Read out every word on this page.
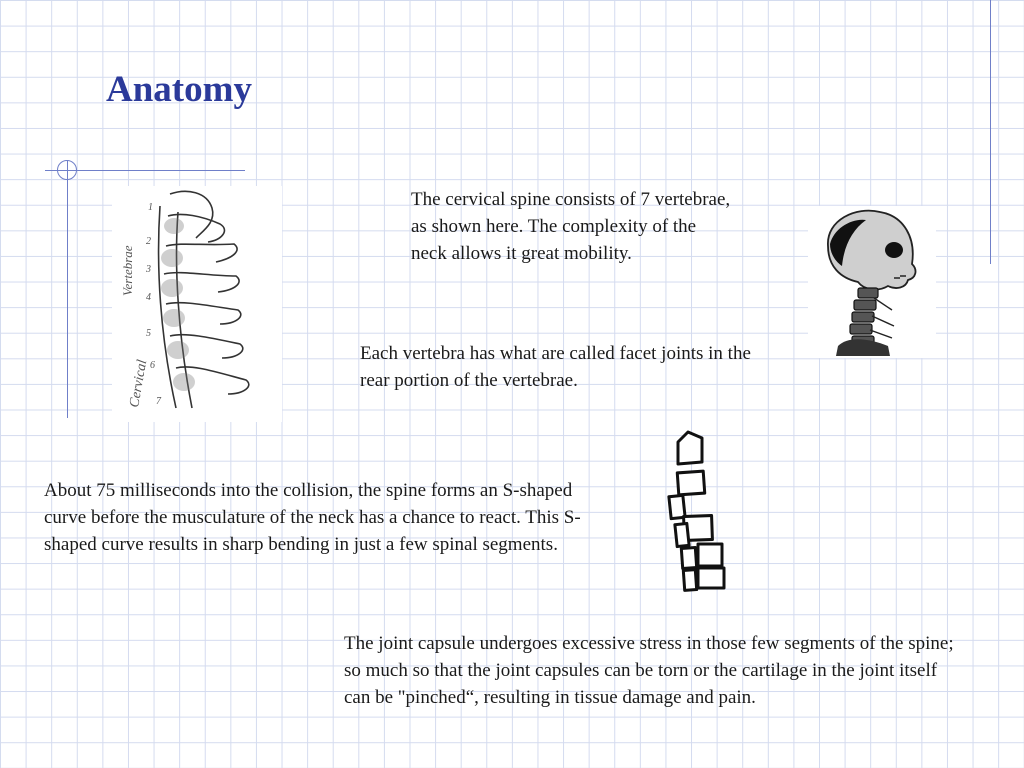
Anatomy
Vertebrae
Cervical
1
2
3
4
5
6
7

The cervical spine consists of 7 vertebrae, as shown here. The complexity of the neck allows it great mobility.

Each vertebra has what are called facet joints in the rear portion of the vertebrae.

About 75 milliseconds into the collision, the spine forms an S-shaped curve before the musculature of the neck has a chance to react. This S-shaped curve results in sharp bending in just a few spinal segments.

The joint capsule undergoes excessive stress in those few segments of the spine; so much so that the joint capsules can be torn or the cartilage in the joint itself can be "pinched“, resulting in tissue damage and pain.
